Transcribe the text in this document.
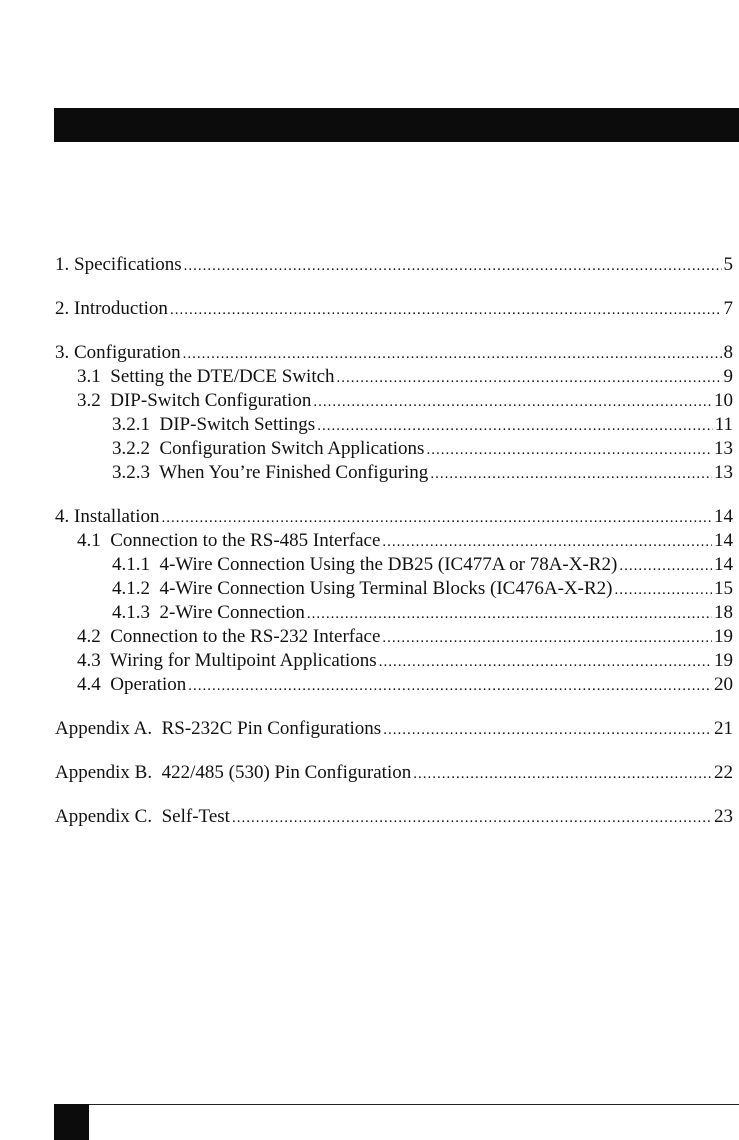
1. Specifications .....	5
2. Introduction .....	7
3. Configuration .....	8
3.1  Setting the DTE/DCE Switch .....	9
3.2  DIP-Switch Configuration .....	10
3.2.1  DIP-Switch Settings .....	11
3.2.2  Configuration Switch Applications .....	13
3.2.3  When You’re Finished Configuring .....	13
4. Installation .....	14
4.1  Connection to the RS-485 Interface .....	14
4.1.1  4-Wire Connection Using the DB25 (IC477A or 78A-X-R2) .....	14
4.1.2  4-Wire Connection Using Terminal Blocks (IC476A-X-R2) .....	15
4.1.3  2-Wire Connection .....	18
4.2  Connection to the RS-232 Interface .....	19
4.3  Wiring for Multipoint Applications .....	19
4.4  Operation .....	20
Appendix A.  RS-232C Pin Configurations .....	21
Appendix B.  422/485 (530) Pin Configuration .....	22
Appendix C.  Self-Test .....	23
